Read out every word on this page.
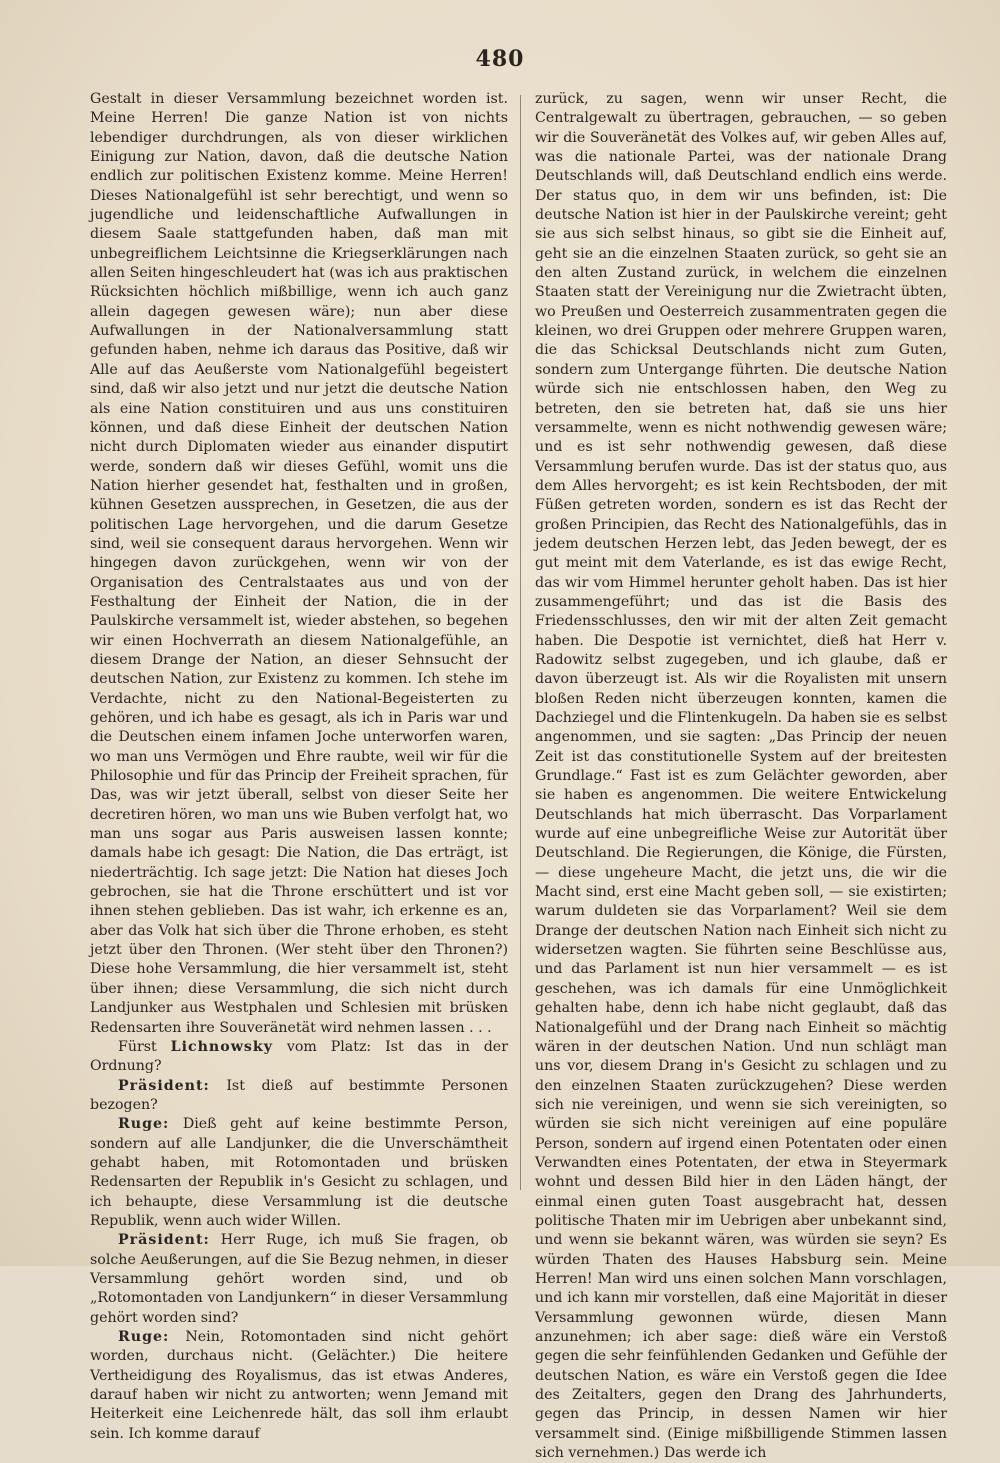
480

Gestalt in dieser Versammlung bezeichnet worden ist. Meine Herren! Die ganze Nation ist von nichts lebendiger durchdrungen, als von dieser wirklichen Einigung zur Nation, davon, daß die deutsche Nation endlich zur politischen Existenz komme. Meine Herren! Dieses Nationalgefühl ist sehr berechtigt, und wenn so jugendliche und leidenschaftliche Aufwallungen in diesem Saale stattgefunden haben, daß man mit unbegreiflichem Leichtsinne die Kriegserklärungen nach allen Seiten hingeschleudert hat (was ich aus praktischen Rücksichten höchlich mißbillige, wenn ich auch ganz allein dagegen gewesen wäre); nun aber diese Aufwallungen in der Nationalversammlung statt gefunden haben, nehme ich daraus das Positive, daß wir Alle auf das Aeußerste vom Nationalgefühl begeistert sind, daß wir also jetzt und nur jetzt die deutsche Nation als eine Nation constituiren und aus uns constituiren können, und daß diese Einheit der deutschen Nation nicht durch Diplomaten wieder aus einander disputirt werde, sondern daß wir dieses Gefühl, womit uns die Nation hierher gesendet hat, festhalten und in großen, kühnen Gesetzen aussprechen, in Gesetzen, die aus der politischen Lage hervorgehen, und die darum Gesetze sind, weil sie consequent daraus hervorgehen. Wenn wir hingegen davon zurückgehen, wenn wir von der Organisation des Centralstaates aus und von der Festhaltung der Einheit der Nation, die in der Paulskirche versammelt ist, wieder abstehen, so begehen wir einen Hochverrath an diesem Nationalgefühle, an diesem Drange der Nation, an dieser Sehnsucht der deutschen Nation, zur Existenz zu kommen. Ich stehe im Verdachte, nicht zu den National-Begeisterten zu gehören, und ich habe es gesagt, als ich in Paris war und die Deutschen einem infamen Joche unterworfen waren, wo man uns Vermögen und Ehre raubte, weil wir für die Philosophie und für das Princip der Freiheit sprachen, für Das, was wir jetzt überall, selbst von dieser Seite her decretiren hören, wo man uns wie Buben verfolgt hat, wo man uns sogar aus Paris ausweisen lassen konnte; damals habe ich gesagt: Die Nation, die Das erträgt, ist niederträchtig. Ich sage jetzt: Die Nation hat dieses Joch gebrochen, sie hat die Throne erschüttert und ist vor ihnen stehen geblieben. Das ist wahr, ich erkenne es an, aber das Volk hat sich über die Throne erhoben, es steht jetzt über den Thronen. (Wer steht über den Thronen?) Diese hohe Versammlung, die hier versammelt ist, steht über ihnen; diese Versammlung, die sich nicht durch Landjunker aus Westphalen und Schlesien mit brüsken Redensarten ihre Souveränetät wird nehmen lassen . . .

Fürst Lichnowsky vom Platz: Ist das in der Ordnung?

Präsident: Ist dieß auf bestimmte Personen bezogen?

Ruge: Dieß geht auf keine bestimmte Person, sondern auf alle Landjunker, die die Unverschämtheit gehabt haben, mit Rotomontaden und brüsken Redensarten der Republik in's Gesicht zu schlagen, und ich behaupte, diese Versammlung ist die deutsche Republik, wenn auch wider Willen.

Präsident: Herr Ruge, ich muß Sie fragen, ob solche Aeußerungen, auf die Sie Bezug nehmen, in dieser Versammlung gehört worden sind, und ob „Rotomontaden von Landjunkern“ in dieser Versammlung gehört worden sind?

Ruge: Nein, Rotomontaden sind nicht gehört worden, durchaus nicht. (Gelächter.) Die heitere Vertheidigung des Royalismus, das ist etwas Anderes, darauf haben wir nicht zu antworten; wenn Jemand mit Heiterkeit eine Leichenrede hält, das soll ihm erlaubt sein. Ich komme darauf

zurück, zu sagen, wenn wir unser Recht, die Centralgewalt zu übertragen, gebrauchen, — so geben wir die Souveränetät des Volkes auf, wir geben Alles auf, was die nationale Partei, was der nationale Drang Deutschlands will, daß Deutschland endlich eins werde. Der status quo, in dem wir uns befinden, ist: Die deutsche Nation ist hier in der Paulskirche vereint; geht sie aus sich selbst hinaus, so gibt sie die Einheit auf, geht sie an die einzelnen Staaten zurück, so geht sie an den alten Zustand zurück, in welchem die einzelnen Staaten statt der Vereinigung nur die Zwietracht übten, wo Preußen und Oesterreich zusammentraten gegen die kleinen, wo drei Gruppen oder mehrere Gruppen waren, die das Schicksal Deutschlands nicht zum Guten, sondern zum Untergange führten. Die deutsche Nation würde sich nie entschlossen haben, den Weg zu betreten, den sie betreten hat, daß sie uns hier versammelte, wenn es nicht nothwendig gewesen wäre; und es ist sehr nothwendig gewesen, daß diese Versammlung berufen wurde. Das ist der status quo, aus dem Alles hervorgeht; es ist kein Rechtsboden, der mit Füßen getreten worden, sondern es ist das Recht der großen Principien, das Recht des Nationalgefühls, das in jedem deutschen Herzen lebt, das Jeden bewegt, der es gut meint mit dem Vaterlande, es ist das ewige Recht, das wir vom Himmel herunter geholt haben. Das ist hier zusammengeführt; und das ist die Basis des Friedensschlusses, den wir mit der alten Zeit gemacht haben. Die Despotie ist vernichtet, dieß hat Herr v. Radowitz selbst zugegeben, und ich glaube, daß er davon überzeugt ist. Als wir die Royalisten mit unsern bloßen Reden nicht überzeugen konnten, kamen die Dachziegel und die Flintenkugeln. Da haben sie es selbst angenommen, und sie sagten: „Das Princip der neuen Zeit ist das constitutionelle System auf der breitesten Grundlage.“ Fast ist es zum Gelächter geworden, aber sie haben es angenommen. Die weitere Entwickelung Deutschlands hat mich überrascht. Das Vorparlament wurde auf eine unbegreifliche Weise zur Autorität über Deutschland. Die Regierungen, die Könige, die Fürsten, — diese ungeheure Macht, die jetzt uns, die wir die Macht sind, erst eine Macht geben soll, — sie existirten; warum duldeten sie das Vorparlament? Weil sie dem Drange der deutschen Nation nach Einheit sich nicht zu widersetzen wagten. Sie führten seine Beschlüsse aus, und das Parlament ist nun hier versammelt — es ist geschehen, was ich damals für eine Unmöglichkeit gehalten habe, denn ich habe nicht geglaubt, daß das Nationalgefühl und der Drang nach Einheit so mächtig wären in der deutschen Nation. Und nun schlägt man uns vor, diesem Drang in's Gesicht zu schlagen und zu den einzelnen Staaten zurückzugehen? Diese werden sich nie vereinigen, und wenn sie sich vereinigten, so würden sie sich nicht vereinigen auf eine populäre Person, sondern auf irgend einen Potentaten oder einen Verwandten eines Potentaten, der etwa in Steyermark wohnt und dessen Bild hier in den Läden hängt, der einmal einen guten Toast ausgebracht hat, dessen politische Thaten mir im Uebrigen aber unbekannt sind, und wenn sie bekannt wären, was würden sie seyn? Es würden Thaten des Hauses Habsburg sein. Meine Herren! Man wird uns einen solchen Mann vorschlagen, und ich kann mir vorstellen, daß eine Majorität in dieser Versammlung gewonnen würde, diesen Mann anzunehmen; ich aber sage: dieß wäre ein Verstoß gegen die sehr feinfühlenden Gedanken und Gefühle der deutschen Nation, es wäre ein Verstoß gegen die Idee des Zeitalters, gegen den Drang des Jahrhunderts, gegen das Princip, in dessen Namen wir hier versammelt sind. (Einige mißbilligende Stimmen lassen sich vernehmen.) Das werde ich
